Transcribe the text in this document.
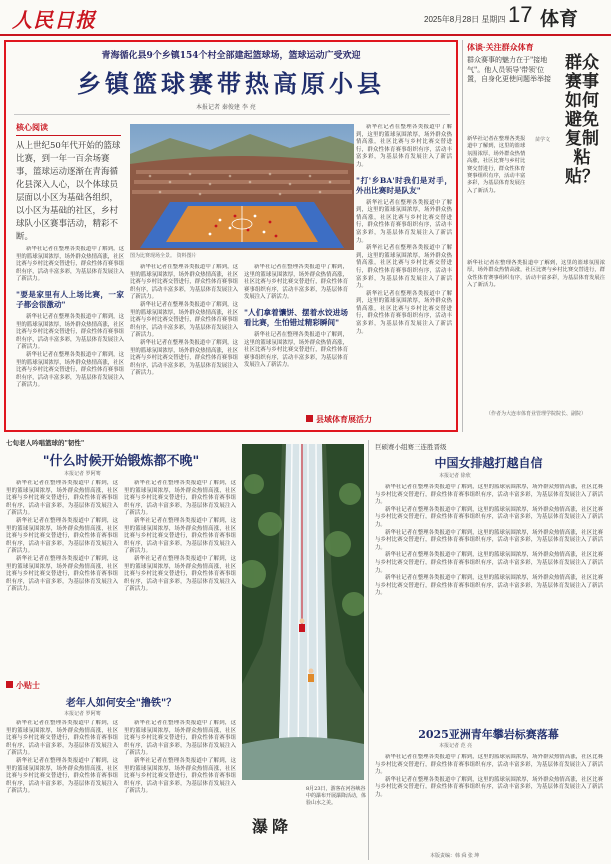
人民日报	2025年8月28日 星期四 17 体育
青海循化县9个乡镇154个村全部建起篮球场，篮球运动广受欢迎
乡镇篮球赛带热高原小县
本报记者 秦俊建 李 亮
核心阅读
从上世纪50年代开始的篮球比赛，到一年一百余场赛事，篮球运动逐渐在青海循化县深入人心，以个体球员层面以小区为基础各组织，以小区为基础的社区，乡村球队小区赛事活动，精彩不断。
图为比赛现场全景。 资料图片

新华社记者在整理各类报道中了解到，这里的篮球氛围浓厚，场外群众热情高涨，社区比赛与乡村比赛交替进行，群众性体育赛事组织有序，活动丰富多彩，为基层体育发展注入了新活力。

"要是家里有人上场比赛，一家子都会很激动"

新华社记者在整理各类报道中了解到，这里的篮球氛围浓厚，场外群众热情高涨，社区比赛与乡村比赛交替进行，群众性体育赛事组织有序，活动丰富多彩，为基层体育发展注入了新活力。

新华社记者在整理各类报道中了解到，这里的篮球氛围浓厚，场外群众热情高涨，社区比赛与乡村比赛交替进行，群众性体育赛事组织有序，活动丰富多彩，为基层体育发展注入了新活力。

新华社记者在整理各类报道中了解到，这里的篮球氛围浓厚，场外群众热情高涨，社区比赛与乡村比赛交替进行，群众性体育赛事组织有序，活动丰富多彩，为基层体育发展注入了新活力。

新华社记者在整理各类报道中了解到，这里的篮球氛围浓厚，场外群众热情高涨，社区比赛与乡村比赛交替进行，群众性体育赛事组织有序，活动丰富多彩，为基层体育发展注入了新活力。

新华社记者在整理各类报道中了解到，这里的篮球氛围浓厚，场外群众热情高涨，社区比赛与乡村比赛交替进行，群众性体育赛事组织有序，活动丰富多彩，为基层体育发展注入了新活力。

新华社记者在整理各类报道中了解到，这里的篮球氛围浓厚，场外群众热情高涨，社区比赛与乡村比赛交替进行，群众性体育赛事组织有序，活动丰富多彩，为基层体育发展注入了新活力。

"人们拿着馕饼、摆着水饺进场看比赛，生怕错过精彩瞬间"

新华社记者在整理各类报道中了解到，这里的篮球氛围浓厚，场外群众热情高涨，社区比赛与乡村比赛交替进行，群众性体育赛事组织有序，活动丰富多彩，为基层体育发展注入了新活力。

新华社记者在整理各类报道中了解到，这里的篮球氛围浓厚，场外群众热情高涨，社区比赛与乡村比赛交替进行，群众性体育赛事组织有序，活动丰富多彩，为基层体育发展注入了新活力。

"打'乡BA'时我们是对手，外出比赛时是队友"

新华社记者在整理各类报道中了解到，这里的篮球氛围浓厚，场外群众热情高涨，社区比赛与乡村比赛交替进行，群众性体育赛事组织有序，活动丰富多彩，为基层体育发展注入了新活力。

新华社记者在整理各类报道中了解到，这里的篮球氛围浓厚，场外群众热情高涨，社区比赛与乡村比赛交替进行，群众性体育赛事组织有序，活动丰富多彩，为基层体育发展注入了新活力。

新华社记者在整理各类报道中了解到，这里的篮球氛围浓厚，场外群众热情高涨，社区比赛与乡村比赛交替进行，群众性体育赛事组织有序，活动丰富多彩，为基层体育发展注入了新活力。

县域体育展活力
体谈·关注群众体育
群众赛事的魅力在于"接地气"。他人员领导'带领'位置，自身化更使问题举举接
群众赛事如何避免复制粘贴？
苗学文
新华社记者在整理各类报道中了解到，这里的篮球氛围浓厚，场外群众热情高涨，社区比赛与乡村比赛交替进行，群众性体育赛事组织有序，活动丰富多彩，为基层体育发展注入了新活力。
新华社记者在整理各类报道中了解到，这里的篮球氛围浓厚，场外群众热情高涨，社区比赛与乡村比赛交替进行，群众性体育赛事组织有序，活动丰富多彩，为基层体育发展注入了新活力。
（作者为大连市体育业管理学院院长、副院）
七旬老人吟唱篮球的"韧性"
"什么时候开始锻炼都不晚"
本报记者 罗阿骞

新华社记者在整理各类报道中了解到，这里的篮球氛围浓厚，场外群众热情高涨，社区比赛与乡村比赛交替进行，群众性体育赛事组织有序，活动丰富多彩，为基层体育发展注入了新活力。

新华社记者在整理各类报道中了解到，这里的篮球氛围浓厚，场外群众热情高涨，社区比赛与乡村比赛交替进行，群众性体育赛事组织有序，活动丰富多彩，为基层体育发展注入了新活力。

新华社记者在整理各类报道中了解到，这里的篮球氛围浓厚，场外群众热情高涨，社区比赛与乡村比赛交替进行，群众性体育赛事组织有序，活动丰富多彩，为基层体育发展注入了新活力。

新华社记者在整理各类报道中了解到，这里的篮球氛围浓厚，场外群众热情高涨，社区比赛与乡村比赛交替进行，群众性体育赛事组织有序，活动丰富多彩，为基层体育发展注入了新活力。

新华社记者在整理各类报道中了解到，这里的篮球氛围浓厚，场外群众热情高涨，社区比赛与乡村比赛交替进行，群众性体育赛事组织有序，活动丰富多彩，为基层体育发展注入了新活力。

新华社记者在整理各类报道中了解到，这里的篮球氛围浓厚，场外群众热情高涨，社区比赛与乡村比赛交替进行，群众性体育赛事组织有序，活动丰富多彩，为基层体育发展注入了新活力。

小贴士
老年人如何安全"撸铁"？
本报记者 罗阿骞

新华社记者在整理各类报道中了解到，这里的篮球氛围浓厚，场外群众热情高涨，社区比赛与乡村比赛交替进行，群众性体育赛事组织有序，活动丰富多彩，为基层体育发展注入了新活力。

新华社记者在整理各类报道中了解到，这里的篮球氛围浓厚，场外群众热情高涨，社区比赛与乡村比赛交替进行，群众性体育赛事组织有序，活动丰富多彩，为基层体育发展注入了新活力。

新华社记者在整理各类报道中了解到，这里的篮球氛围浓厚，场外群众热情高涨，社区比赛与乡村比赛交替进行，群众性体育赛事组织有序，活动丰富多彩，为基层体育发展注入了新活力。

新华社记者在整理各类报道中了解到，这里的篮球氛围浓厚，场外群众热情高涨，社区比赛与乡村比赛交替进行，群众性体育赛事组织有序，活动丰富多彩，为基层体育发展注入了新活力。

瀑降
8月23日，游客在河谷峡谷中的瀑布开展瀑降活动，体验山水之美。
巨硕赛小组赛三连胜晋级
中国女排越打越自信
本报记者 徐欣

新华社记者在整理各类报道中了解到，这里的篮球氛围浓厚，场外群众热情高涨，社区比赛与乡村比赛交替进行，群众性体育赛事组织有序，活动丰富多彩，为基层体育发展注入了新活力。

新华社记者在整理各类报道中了解到，这里的篮球氛围浓厚，场外群众热情高涨，社区比赛与乡村比赛交替进行，群众性体育赛事组织有序，活动丰富多彩，为基层体育发展注入了新活力。

新华社记者在整理各类报道中了解到，这里的篮球氛围浓厚，场外群众热情高涨，社区比赛与乡村比赛交替进行，群众性体育赛事组织有序，活动丰富多彩，为基层体育发展注入了新活力。

新华社记者在整理各类报道中了解到，这里的篮球氛围浓厚，场外群众热情高涨，社区比赛与乡村比赛交替进行，群众性体育赛事组织有序，活动丰富多彩，为基层体育发展注入了新活力。

新华社记者在整理各类报道中了解到，这里的篮球氛围浓厚，场外群众热情高涨，社区比赛与乡村比赛交替进行，群众性体育赛事组织有序，活动丰富多彩，为基层体育发展注入了新活力。

2025亚洲青年攀岩标赛落幕
本报记者 范 亮

新华社记者在整理各类报道中了解到，这里的篮球氛围浓厚，场外群众热情高涨，社区比赛与乡村比赛交替进行，群众性体育赛事组织有序，活动丰富多彩，为基层体育发展注入了新活力。

新华社记者在整理各类报道中了解到，这里的篮球氛围浓厚，场外群众热情高涨，社区比赛与乡村比赛交替进行，群众性体育赛事组织有序，活动丰富多彩，为基层体育发展注入了新活力。

本版责编：韩 舜 张 坤
